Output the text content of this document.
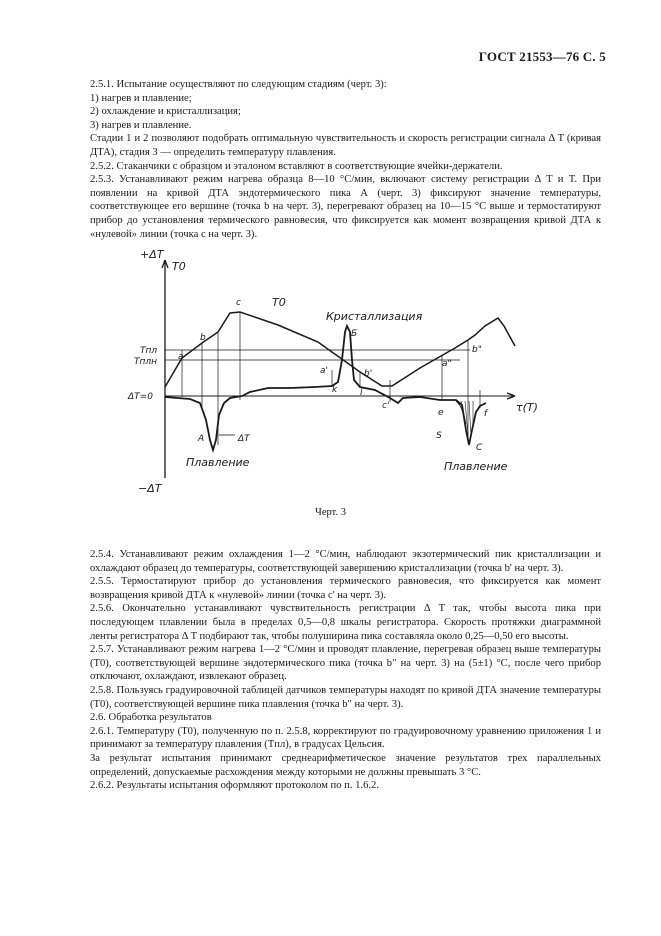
ГОСТ 21553—76 С. 5

2.5.1. Испытание осуществляют по следующим стадиям (черт. 3):

1) нагрев и плавление;

2) охлаждение и кристаллизация;

3) нагрев и плавление.

Стадии 1 и 2 позволяют подобрать оптимальную чувствительность и скорость регистрации сигнала Δ T (кривая ДТА), стадия 3 — определить температуру плавления.

2.5.2. Стаканчики с образцом и эталоном вставляют в соответствующие ячейки-держатели.

2.5.3. Устанавливают режим нагрева образца 8—10 °С/мин, включают систему регистрации Δ T и T. При появлении на кривой ДТА эндотермического пика А (черт. 3) фиксируют значение температуры, соответствующее его вершине (точка b на черт. 3), перегревают образец на 10—15 °С выше и термостатируют прибор до установления термического равновесия, что фиксируется как момент возвращения кривой ДТА к «нулевой» линии (точка c на черт. 3).

+ΔT
T0
Tпл
Tплн
ΔT=0
−ΔT
τ(T)
T0
Кристаллизация
Плавление	Плавление
ΔT
a
b
c
A
Б
a'	b'
k	l
c'
a"
b"
e	f
S
C
Черт. 3

2.5.4. Устанавливают режим охлаждения 1—2 °С/мин, наблюдают экзотермический пик кристаллизации и охлаждают образец до температуры, соответствующей завершению кристаллизации (точка b' на черт. 3).

2.5.5. Термостатируют прибор до установления термического равновесия, что фиксируется как момент возвращения кривой ДТА к «нулевой» линии (точка c' на черт. 3).

2.5.6. Окончательно устанавливают чувствительность регистрации Δ T так, чтобы высота пика при последующем плавлении была в пределах 0,5—0,8 шкалы регистратора. Скорость протяжки диаграммной ленты регистратора Δ T подбирают так, чтобы полуширина пика составляла около 0,25—0,50 его высоты.

2.5.7. Устанавливают режим нагрева 1—2 °С/мин и проводят плавление, перегревая образец выше температуры (T0), соответствующей вершине эндотермического пика (точка b" на черт. 3) на (5±1) °С, после чего прибор отключают, охлаждают, извлекают образец.

2.5.8. Пользуясь градуировочной таблицей датчиков температуры находят по кривой ДТА значение температуры (T0), соответствующей вершине пика плавления (точка b" на черт. 3).

2.6. Обработка результатов

2.6.1. Температуру (T0), полученную по п. 2.5.8, корректируют по градуировочному уравнению приложения 1 и принимают за температуру плавления (Tпл), в градусах Цельсия.

За результат испытания принимают среднеарифметическое значение результатов трех параллельных определений, допускаемые расхождения между которыми не должны превышать 3 °С.

2.6.2. Результаты испытания оформляют протоколом по п. 1.6.2.
